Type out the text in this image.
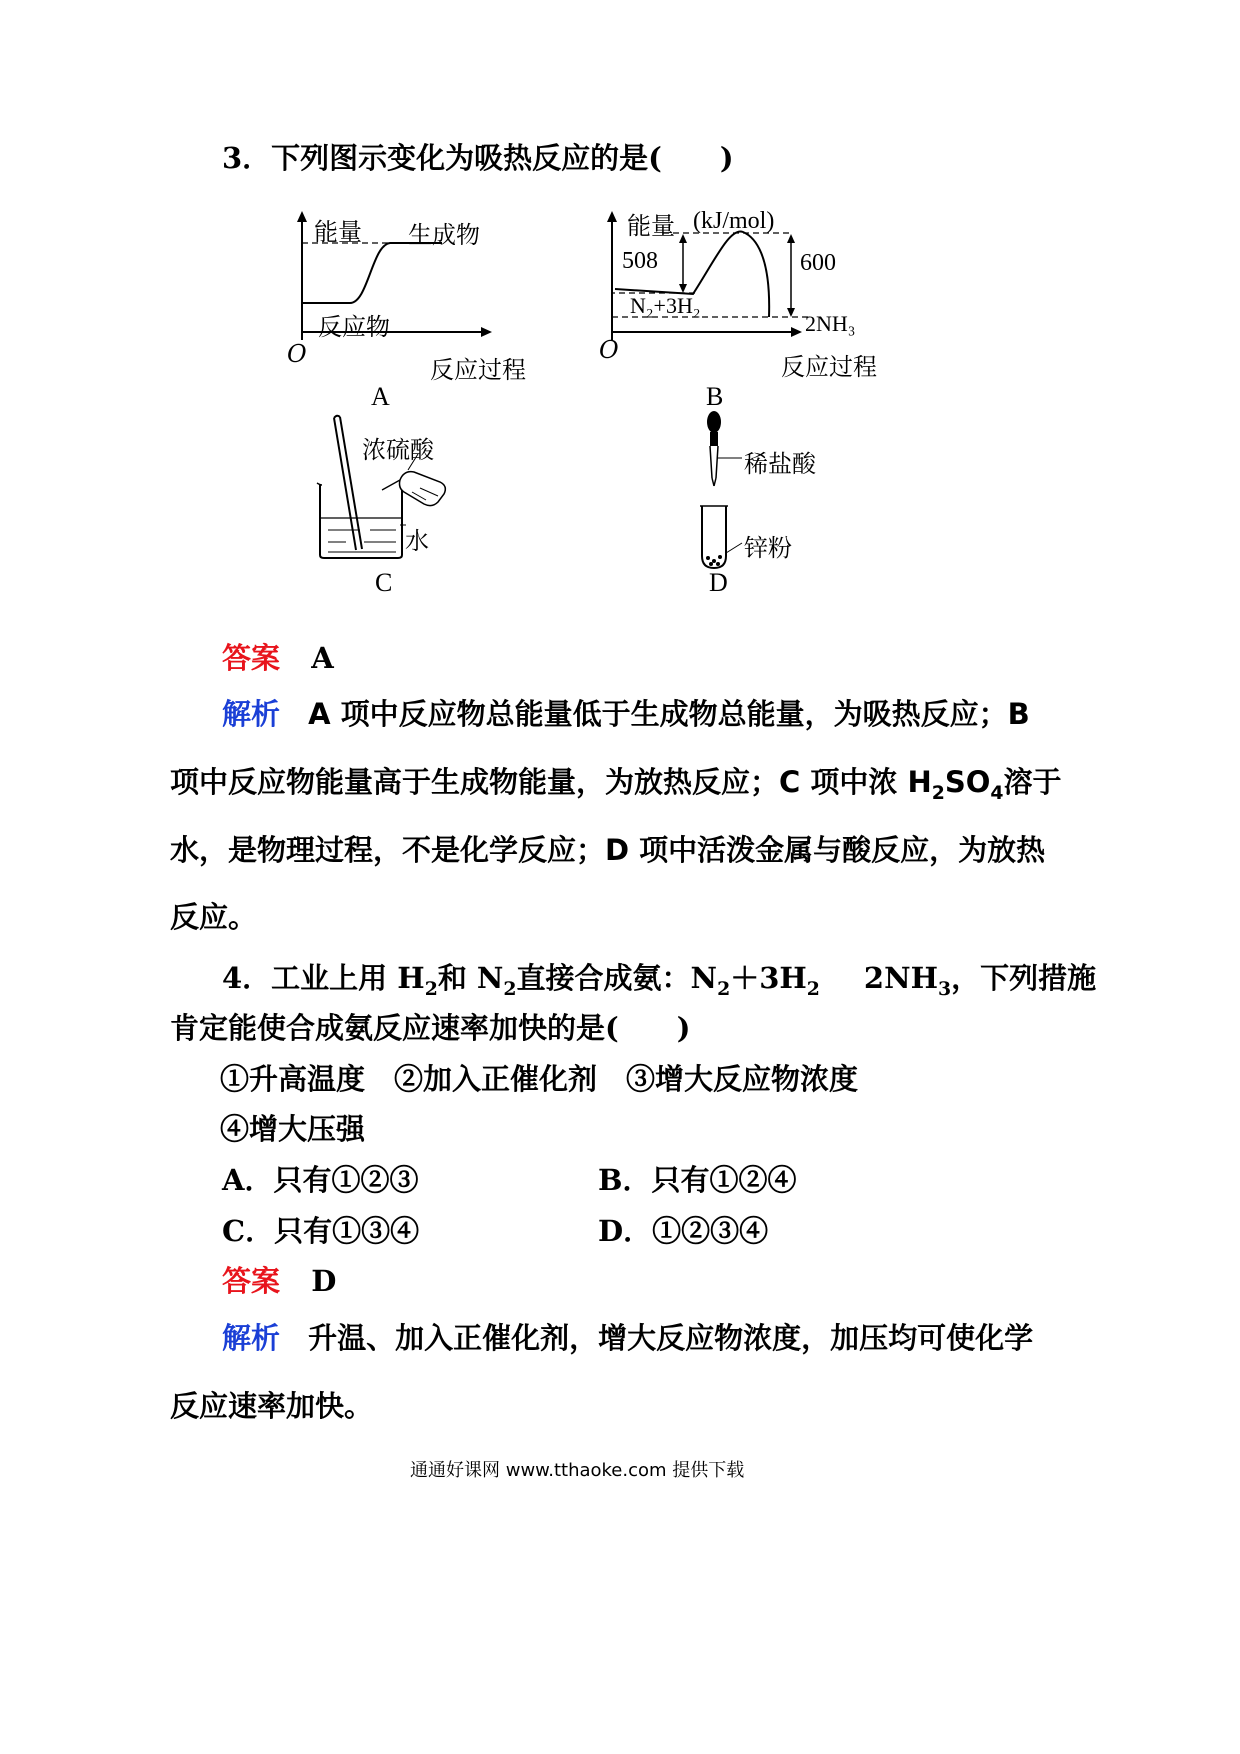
3．下列图示变化为吸热反应的是(　　)
能量 生成物
反应物
O
反应过程
A
能量 (kJ/mol)
508	600
N₂+3H₂
2NH₃
O
反应过程
B
浓硫酸
水
C
稀盐酸
锌粉
D
答案 A
解析 A 项中反应物总能量低于生成物总能量，为吸热反应；B
项中反应物能量高于生成物能量，为放热反应；C 项中浓 $H_2SO_4$溶于
水，是物理过程，不是化学反应；D 项中活泼金属与酸反应，为放热
反应。
4．工业上用 $H_2$和 $N_2$直接合成氨：$N_2+3H_2$ $2NH_3$，下列措施
肯定能使合成氨反应速率加快的是(　　)
①升高温度　②加入正催化剂　③增大反应物浓度
④增大压强
A．只有①②③	B．只有①②④
C．只有①③④	D．①②③④
答案 D
解析 升温、加入正催化剂，增大反应物浓度，加压均可使化学
反应速率加快。
通通好课网 www.tthaoke.com 提供下载
